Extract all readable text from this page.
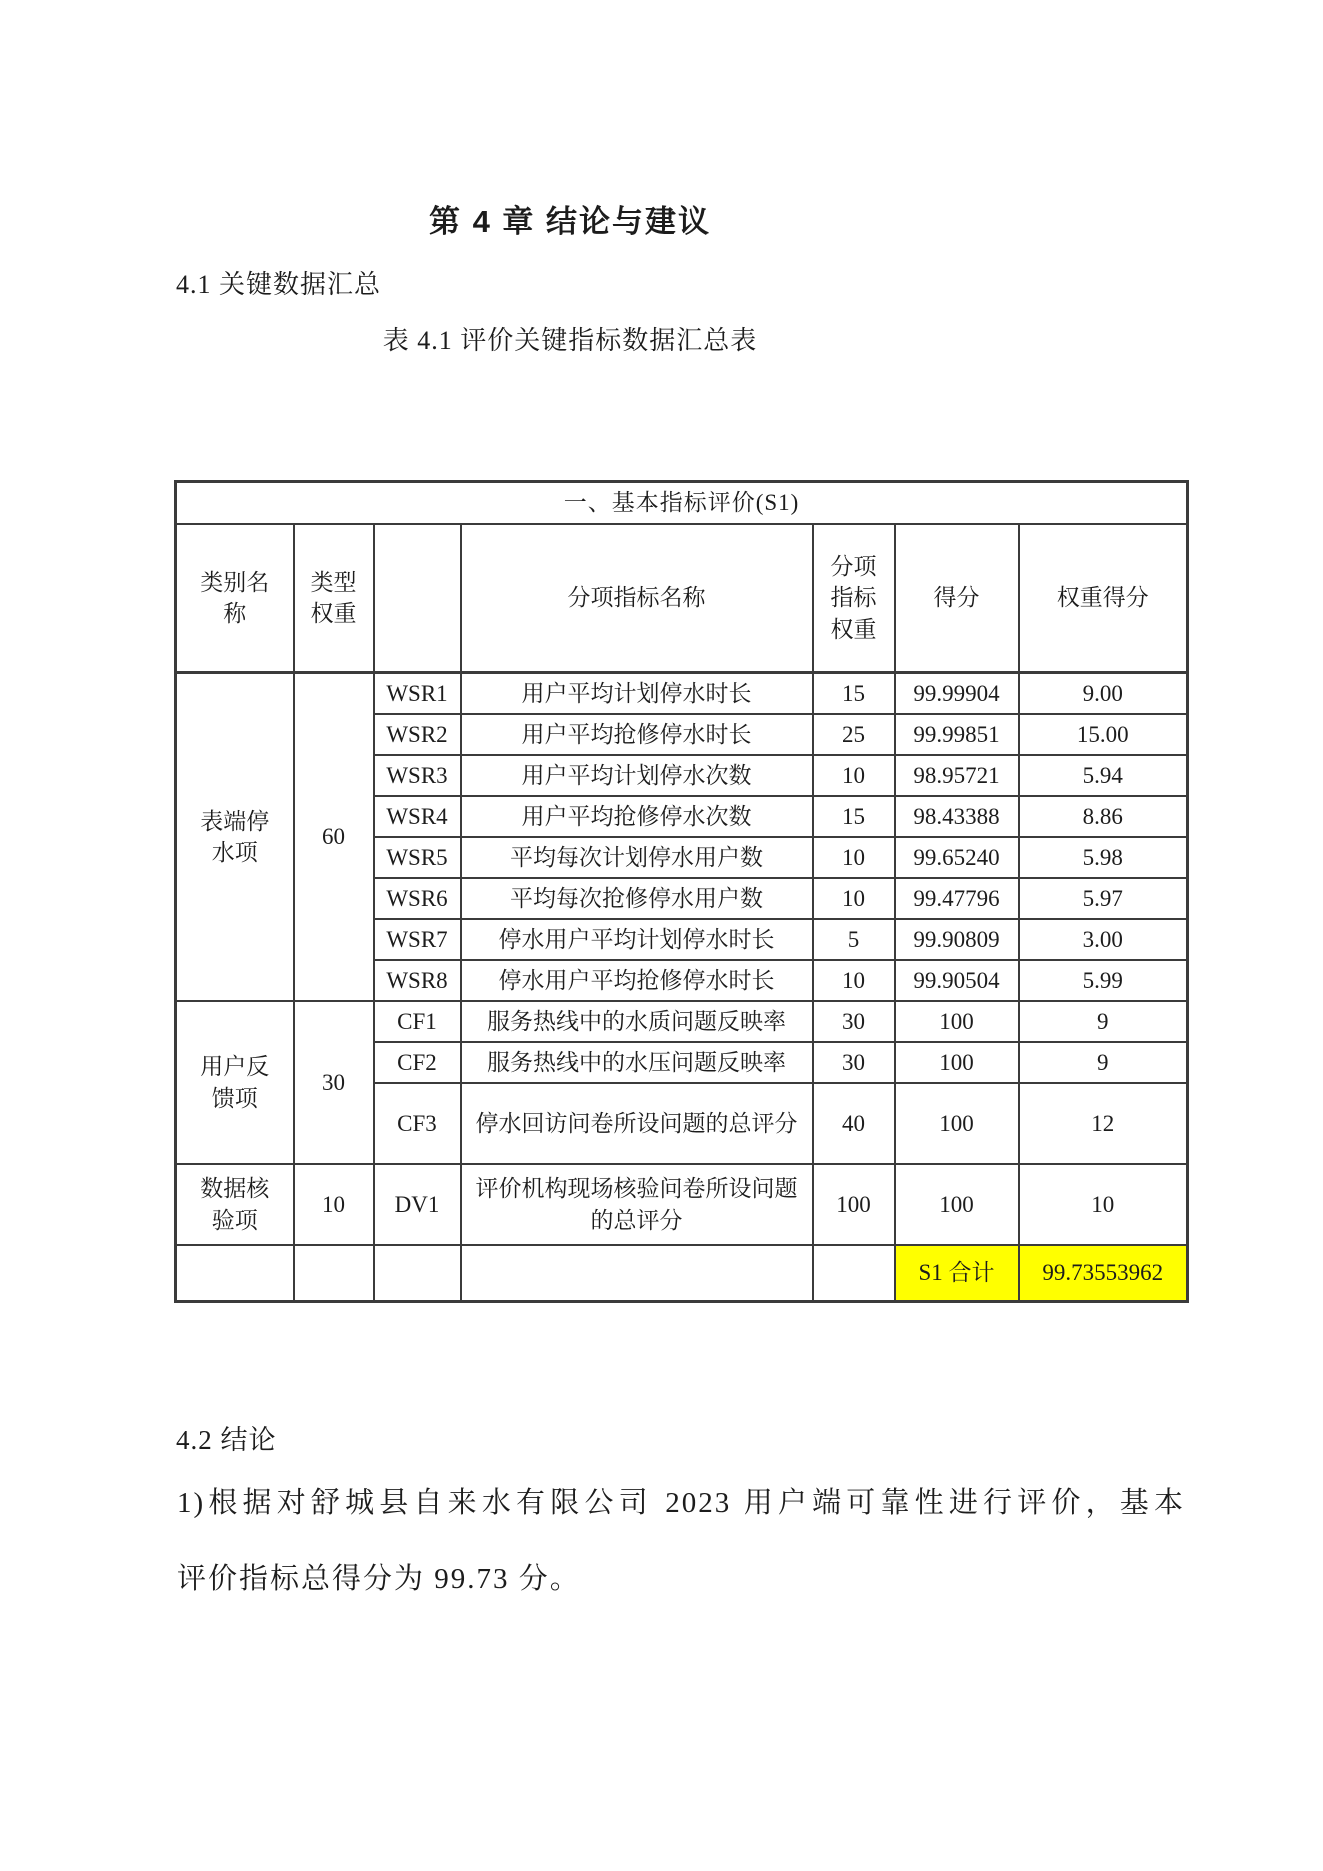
第 4 章 结论与建议
4.1 关键数据汇总
表 4.1 评价关键指标数据汇总表
一、基本指标评价(S1)						
类别名称	类型权重		分项指标名称	分项指标权重	得分	权重得分
表端停水项	60	WSR1	用户平均计划停水时长	15	99.99904	9.00
		WSR2	用户平均抢修停水时长	25	99.99851	15.00
		WSR3	用户平均计划停水次数	10	98.95721	5.94
		WSR4	用户平均抢修停水次数	15	98.43388	8.86
		WSR5	平均每次计划停水用户数	10	99.65240	5.98
		WSR6	平均每次抢修停水用户数	10	99.47796	5.97
		WSR7	停水用户平均计划停水时长	5	99.90809	3.00
		WSR8	停水用户平均抢修停水时长	10	99.90504	5.99
用户反馈项	30	CF1	服务热线中的水质问题反映率	30	100	9
		CF2	服务热线中的水压问题反映率	30	100	9
		CF3	停水回访问卷所设问题的总评分	40	100	12
数据核验项	10	DV1	评价机构现场核验问卷所设问题的总评分	100	100	10
					S1 合计	99.73553962
4.2 结论
1)根据对舒城县自来水有限公司 2023 用户端可靠性进行评价，基本
评价指标总得分为 99.73 分。
